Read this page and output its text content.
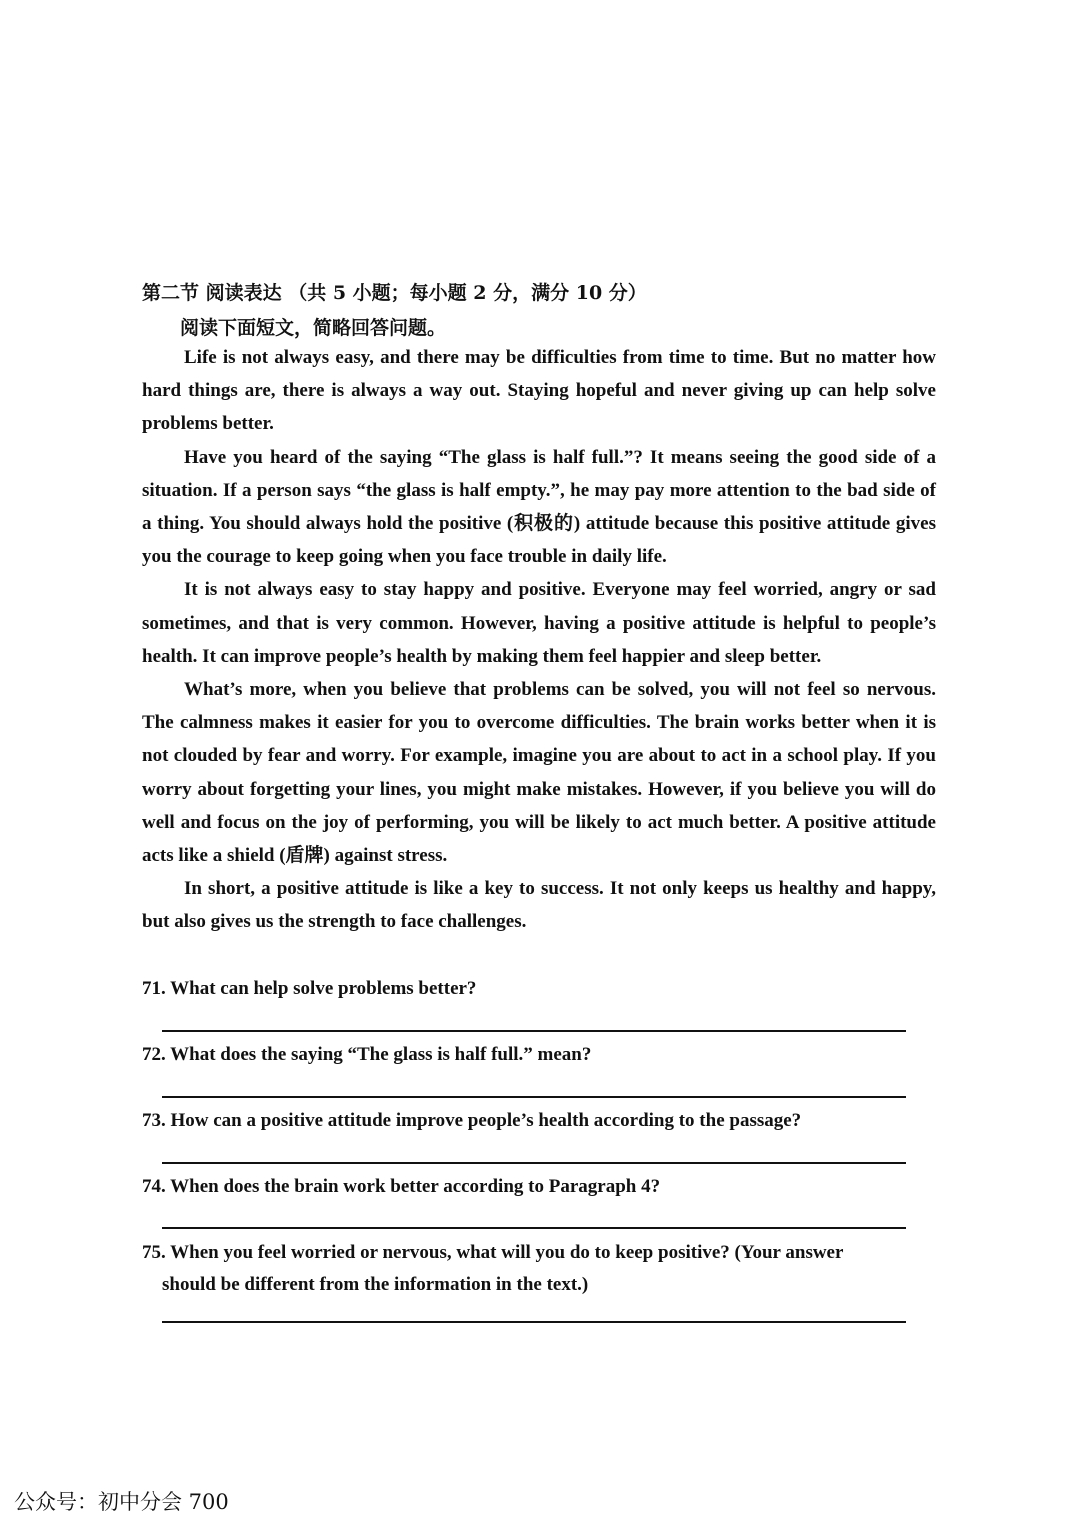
第二节 阅读表达 （共 5 小题；每小题 2 分，满分 10 分）
阅读下面短文，简略回答问题。

Life is not always easy, and there may be difficulties from time to time. But no matter how hard things are, there is always a way out. Staying hopeful and never giving up can help solve problems better.

Have you heard of the saying “The glass is half full.”? It means seeing the good side of a situation. If a person says “the glass is half empty.”, he may pay more attention to the bad side of a thing. You should always hold the positive (积极的) attitude because this positive attitude gives you the courage to keep going when you face trouble in daily life.

It is not always easy to stay happy and positive. Everyone may feel worried, angry or sad sometimes, and that is very common. However, having a positive attitude is helpful to people’s health. It can improve people’s health by making them feel happier and sleep better.

What’s more, when you believe that problems can be solved, you will not feel so nervous. The calmness makes it easier for you to overcome difficulties. The brain works better when it is not clouded by fear and worry. For example, imagine you are about to act in a school play. If you worry about forgetting your lines, you might make mistakes. However, if you believe you will do well and focus on the joy of performing, you will be likely to act much better. A positive attitude acts like a shield (盾牌) against stress.

In short, a positive attitude is like a key to success. It not only keeps us healthy and happy, but also gives us the strength to face challenges.

71. What can help solve problems better?
72. What does the saying “The glass is half full.” mean?
73. How can a positive attitude improve people’s health according to the passage?
74. When does the brain work better according to Paragraph 4?
75. When you feel worried or nervous, what will you do to keep positive? (Your answer
should be different from the information in the text.)
公众号：初中分会 700
